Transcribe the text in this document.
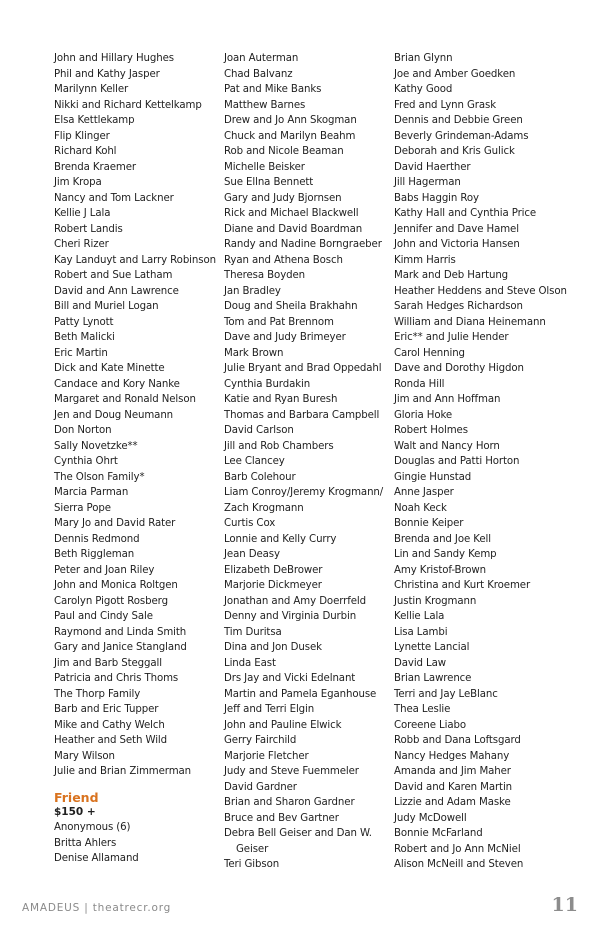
John and Hillary Hughes
Phil and Kathy Jasper
Marilynn Keller
Nikki and Richard Kettelkamp
Elsa Kettlekamp
Flip Klinger
Richard Kohl
Brenda Kraemer
Jim Kropa
Nancy and Tom Lackner
Kellie J Lala
Robert Landis
Cheri Rizer
Kay Landuyt and Larry Robinson
Robert and Sue Latham
David and Ann Lawrence
Bill and Muriel Logan
Patty Lynott
Beth Malicki
Eric Martin
Dick and Kate Minette
Candace and Kory Nanke
Margaret and Ronald Nelson
Jen and Doug Neumann
Don Norton
Sally Novetzke**
Cynthia Ohrt
The Olson Family*
Marcia Parman
Sierra Pope
Mary Jo and David Rater
Dennis Redmond
Beth Riggleman
Peter and Joan Riley
John and Monica Roltgen
Carolyn Pigott Rosberg
Paul and Cindy Sale
Raymond and Linda Smith
Gary and Janice Stangland
Jim and Barb Steggall
Patricia and Chris Thoms
The Thorp Family
Barb and Eric Tupper
Mike and Cathy Welch
Heather and Seth Wild
Mary Wilson
Julie and Brian Zimmerman
Friend
$150 +
Anonymous (6)
Britta Ahlers
Denise Allamand
Joan Auterman
Chad Balvanz
Pat and Mike Banks
Matthew Barnes
Drew and Jo Ann Skogman
Chuck and Marilyn Beahm
Rob and Nicole Beaman
Michelle Beisker
Sue Ellna Bennett
Gary and Judy Bjornsen
Rick and Michael Blackwell
Diane and David Boardman
Randy and Nadine Borngraeber
Ryan and Athena Bosch
Theresa Boyden
Jan Bradley
Doug and Sheila Brakhahn
Tom and Pat Brennom
Dave and Judy Brimeyer
Mark Brown
Julie Bryant and Brad Oppedahl
Cynthia Burdakin
Katie and Ryan Buresh
Thomas and Barbara Campbell
David Carlson
Jill and Rob Chambers
Lee Clancey
Barb Colehour
Liam Conroy/Jeremy Krogmann/
Zach Krogmann
Curtis Cox
Lonnie and Kelly Curry
Jean Deasy
Elizabeth DeBrower
Marjorie Dickmeyer
Jonathan and Amy Doerrfeld
Denny and Virginia Durbin
Tim Duritsa
Dina and Jon Dusek
Linda East
Drs Jay and Vicki Edelnant
Martin and Pamela Eganhouse
Jeff and Terri Elgin
John and Pauline Elwick
Gerry Fairchild
Marjorie Fletcher
Judy and Steve Fuemmeler
David Gardner
Brian and Sharon Gardner
Bruce and Bev Gartner
Debra Bell Geiser and Dan W.
Geiser
Teri Gibson
Brian Glynn
Joe and Amber Goedken
Kathy Good
Fred and Lynn Grask
Dennis and Debbie Green
Beverly Grindeman-Adams
Deborah and Kris Gulick
David Haerther
Jill Hagerman
Babs Haggin Roy
Kathy Hall and Cynthia Price
Jennifer and Dave Hamel
John and Victoria Hansen
Kimm Harris
Mark and Deb Hartung
Heather Heddens and Steve Olson
Sarah Hedges Richardson
William and Diana Heinemann
Eric** and Julie Hender
Carol Henning
Dave and Dorothy Higdon
Ronda Hill
Jim and Ann Hoffman
Gloria Hoke
Robert Holmes
Walt and Nancy Horn
Douglas and Patti Horton
Gingie Hunstad
Anne Jasper
Noah Keck
Bonnie Keiper
Brenda and Joe Kell
Lin and Sandy Kemp
Amy Kristof-Brown
Christina and Kurt Kroemer
Justin Krogmann
Kellie Lala
Lisa Lambi
Lynette Lancial
David Law
Brian Lawrence
Terri and Jay LeBlanc
Thea Leslie
Coreene Liabo
Robb and Dana Loftsgard
Nancy Hedges Mahany
Amanda and Jim Maher
David and Karen Martin
Lizzie and Adam Maske
Judy McDowell
Bonnie McFarland
Robert and Jo Ann McNiel
Alison McNeill and Steven
AMADEUS | theatrecr.org	11
